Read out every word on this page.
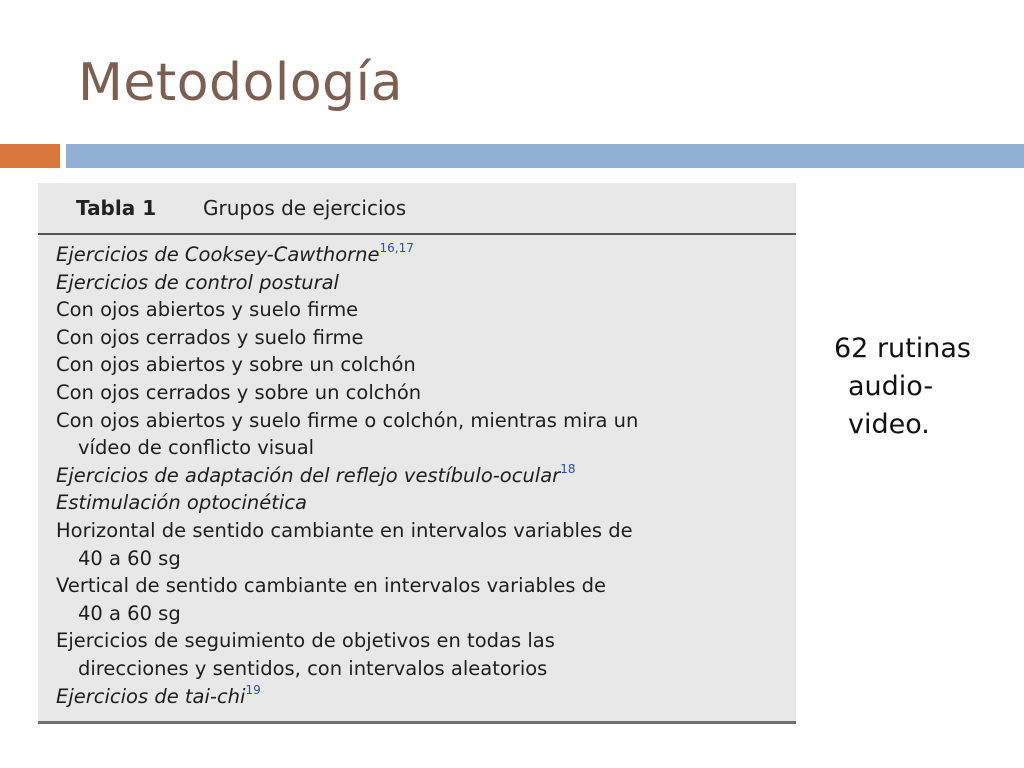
Metodología
Tabla 1 Grupos de ejercicios
Ejercicios de Cooksey-Cawthorne$^{16,17}$
Ejercicios de control postural
Con ojos abiertos y suelo firme
Con ojos cerrados y suelo firme
Con ojos abiertos y sobre un colchón
Con ojos cerrados y sobre un colchón
Con ojos abiertos y suelo firme o colchón, mientras mira un
vídeo de conflicto visual
Ejercicios de adaptación del reflejo vestíbulo-ocular$^{18}$
Estimulación optocinética
Horizontal de sentido cambiante en intervalos variables de
40 a 60 sg
Vertical de sentido cambiante en intervalos variables de
40 a 60 sg
Ejercicios de seguimiento de objetivos en todas las
direcciones y sentidos, con intervalos aleatorios
Ejercicios de tai-chi$^{19}$
62 rutinas
audio-
video.
